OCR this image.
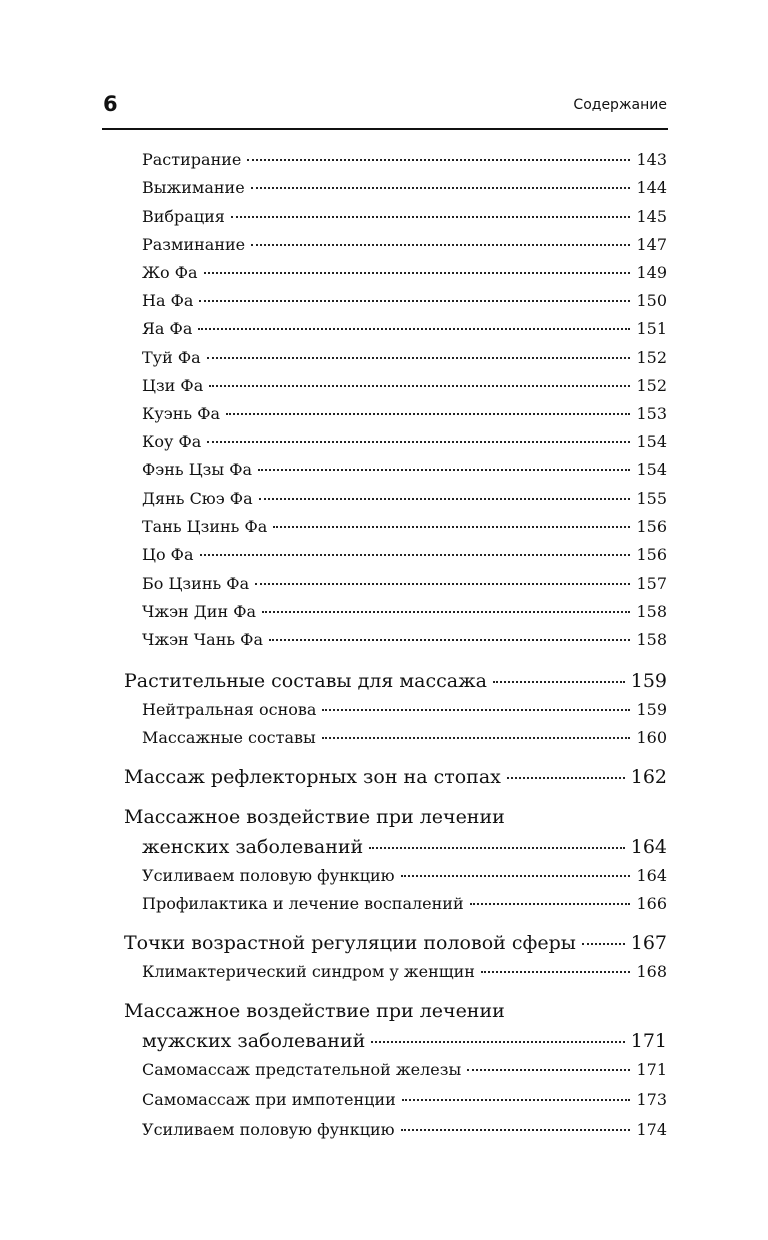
6	Содержание
Растирание	143
Выжимание	144
Вибрация	145
Разминание	147
Жо Фа	149
На Фа	150
Яа Фа	151
Туй Фа	152
Цзи Фа	152
Куэнь Фа	153
Коу Фа	154
Фэнь Цзы Фа	154
Дянь Сюэ Фа	155
Тань Цзинь Фа	156
Цо Фа	156
Бо Цзинь Фа	157
Чжэн Дин Фа	158
Чжэн Чань Фа	158
Растительные составы для массажа	159
Нейтральная основа	159
Массажные составы	160
Массаж рефлекторных зон на стопах	162
Массажное воздействие при лечении
женских заболеваний	164
Усиливаем половую функцию	164
Профилактика и лечение воспалений	166
Точки возрастной регуляции половой сферы	167
Климактерический синдром у женщин	168
Массажное воздействие при лечении
мужских заболеваний	171
Самомассаж предстательной железы	171
Самомассаж при импотенции	173
Усиливаем половую функцию	174
